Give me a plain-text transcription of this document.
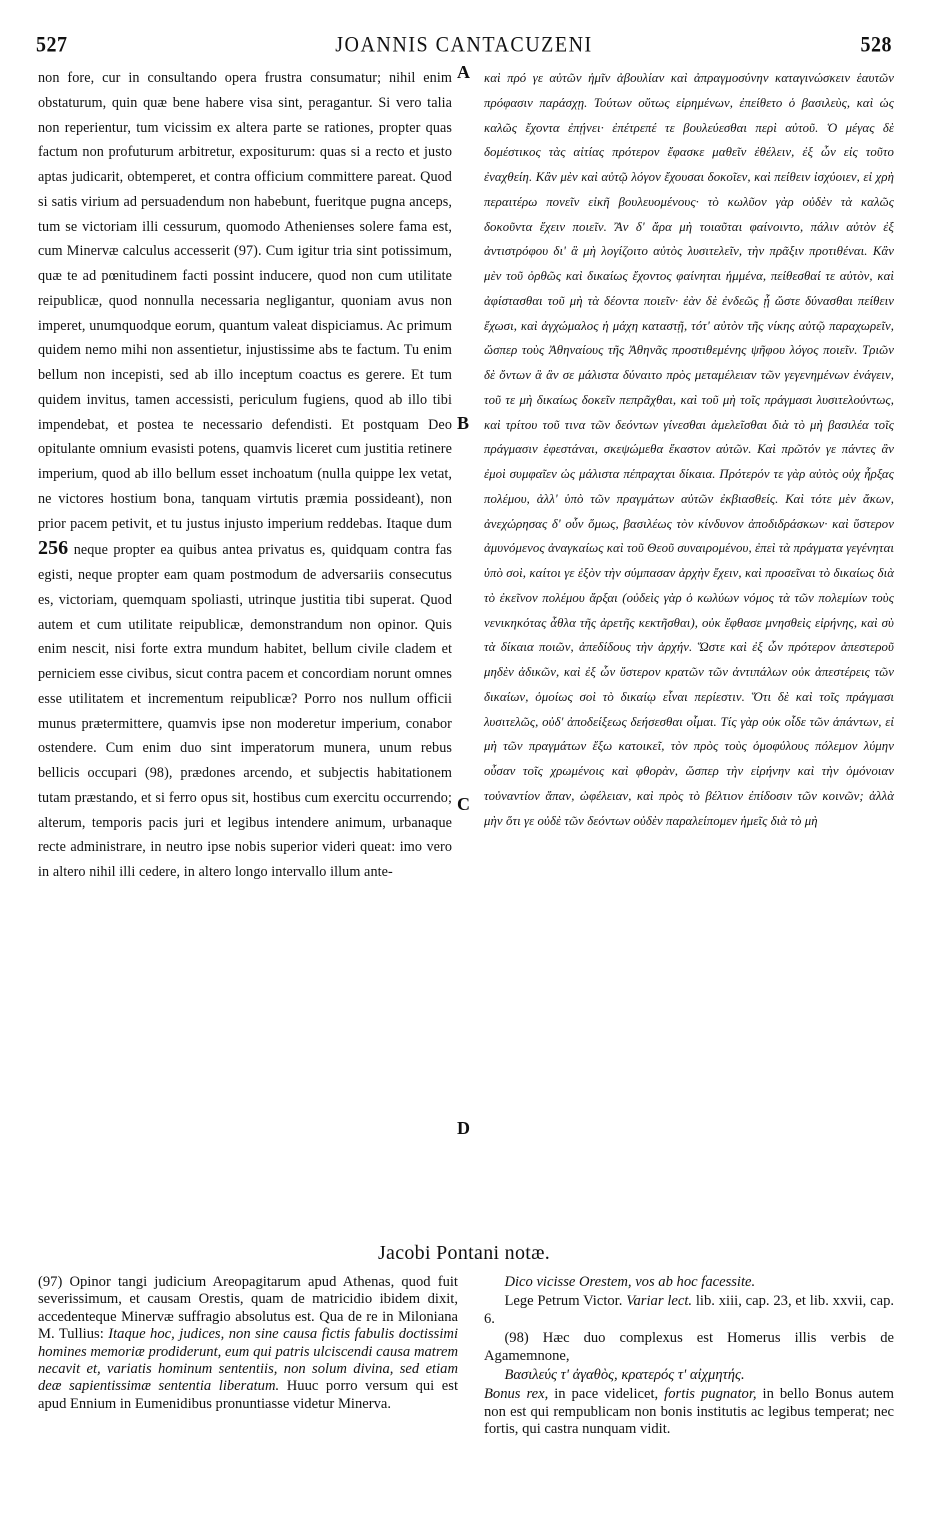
527	JOANNIS CANTACUZENI	528

non fore, cur in consultando opera frustra consumatur; nihil enim obstaturum, quin quæ bene habere visa sint, peragantur. Si vero talia non reperientur, tum vicissim ex altera parte se rationes, propter quas factum non profuturum arbitretur, expositurum: quas si a recto et justo aptas judicarit, obtemperet, et contra officium committere pareat. Quod si satis virium ad persuadendum non habebunt, fueritque pugna anceps, tum se victoriam illi cessurum, quomodo Athenienses solere fama est, cum Minervæ calculus accesserit (97). Cum igitur tria sint potissimum, quæ te ad pœnitudinem facti possint inducere, quod non cum utilitate reipublicæ, quod nonnulla necessaria negligantur, quoniam avus non imperet, unumquodque eorum, quantum valeat dispiciamus. Ac primum quidem nemo mihi non assentietur, injustissime abs te factum. Tu enim bellum non incepisti, sed ab illo inceptum coactus es gerere. Et tum quidem invitus, tamen accessisti, periculum fugiens, quod ab illo tibi impendebat, et postea te necessario defendisti. Et postquam Deo opitulante omnium evasisti potens, quamvis liceret cum justitia retinere imperium, quod ab illo bellum esset inchoatum (nulla quippe lex vetat, ne victores hostium bona, tanquam virtutis præmia possideant), non prior pacem petivit, et tu justus injusto imperium reddebas. Itaque dum 256 neque propter ea quibus antea privatus es, quidquam contra fas egisti, neque propter eam quam postmodum de adversariis consecutus es, victoriam, quemquam spoliasti, utrinque justitia tibi superat. Quod autem et cum utilitate reipublicæ, demonstrandum non opinor. Quis enim nescit, nisi forte extra mundum habitet, bellum civile cladem et perniciem esse civibus, sicut contra pacem et concordiam norunt omnes esse utilitatem et incrementum reipublicæ? Porro nos nullum officii munus prætermittere, quamvis ipse non moderetur imperium, conabor ostendere. Cum enim duo sint imperatorum munera, unum rebus bellicis occupari (98), prædones arcendo, et subjectis habitationem tutam præstando, et si ferro opus sit, hostibus cum exercitu occurrendo; alterum, temporis pacis juri et legibus intendere animum, urbanaque recte administrare, in neutro ipse nobis superior videri queat: imo vero in altero nihil illi cedere, in altero longo intervallo illum ante-

A
B
C
D

καὶ πρό γε αὐτῶν ἡμῖν ἀβουλίαν καὶ ἀπραγμοσύνην καταγινώσκειν ἑαυτῶν πρόφασιν παράσχῃ. Τούτων οὕτως εἰρημένων, ἐπείθετο ὁ βασιλεὺς, καὶ ὡς καλῶς ἔχοντα ἐπῄνει· ἐπέτρεπέ τε βουλεύεσθαι περὶ αὐτοῦ. Ὁ μέγας δὲ δομέστικος τὰς αἰτίας πρότερον ἔφασκε μαθεῖν ἐθέλειν, ἐξ ὧν εἰς τοῦτο ἐναχθείη. Κἂν μὲν καὶ αὐτῷ λόγον ἔχουσαι δοκοῖεν, καὶ πείθειν ἰσχύοιεν, εἰ χρὴ περαιτέρω πονεῖν εἰκῆ βουλευομένους· τὸ κωλῦον γὰρ οὐδὲν τὰ καλῶς δοκοῦντα ἔχειν ποιεῖν. Ἂν δ' ἄρα μὴ τοιαῦται φαίνοιντο, πάλιν αὐτὸν ἐξ ἀντιστρόφου δι' ἃ μὴ λογίζοιτο αὐτὸς λυσιτελεῖν, τὴν πρᾶξιν προτιθέναι. Κἂν μὲν τοῦ ὀρθῶς καὶ δικαίως ἔχοντος φαίνηται ἡμμένα, πείθεσθαί τε αὐτὸν, καὶ ἀφίστασθαι τοῦ μὴ τὰ δέοντα ποιεῖν· ἐὰν δὲ ἐνδεῶς ᾗ ὥστε δύνασθαι πείθειν ἔχωσι, καὶ ἀγχώμαλος ἡ μάχη καταστῇ, τότ' αὐτὸν τῆς νίκης αὐτῷ παραχωρεῖν, ὥσπερ τοὺς Ἀθηναίους τῆς Ἀθηνᾶς προστιθεμένης ψῆφου λόγος ποιεῖν. Τριῶν δὲ ὄντων ἃ ἂν σε μάλιστα δύναιτο πρὸς μεταμέλειαν τῶν γεγενημένων ἐνάγειν, τοῦ τε μὴ δικαίως δοκεῖν πεπρᾶχθαι, καὶ τοῦ μὴ τοῖς πράγμασι λυσιτελούντως, καὶ τρίτου τοῦ τινα τῶν δεόντων γίνεσθαι ἀμελεῖσθαι διὰ τὸ μὴ βασιλέα τοῖς πράγμασιν ἐφεστάναι, σκεψώμεθα ἕκαστον αὐτῶν. Καὶ πρῶτόν γε πάντες ἂν ἐμοὶ συμφαῖεν ὡς μάλιστα πέπραχται δίκαια. Πρότερόν τε γὰρ αὐτὸς οὐχ ἦρξας πολέμου, ἀλλ' ὑπὸ τῶν πραγμάτων αὐτῶν ἐκβιασθείς. Καὶ τότε μὲν ἄκων, ἀνεχώρησας δ' οὖν ὅμως, βασιλέως τὸν κίνδυνον ἀποδιδράσκων· καὶ ὕστερον ἀμυνόμενος ἀναγκαίως καὶ τοῦ Θεοῦ συναιρομένου, ἐπεὶ τὰ πράγματα γεγένηται ὑπὸ σοὶ, καίτοι γε ἐξὸν τὴν σύμπασαν ἀρχὴν ἔχειν, καὶ προσεῖναι τὸ δικαίως διὰ τὸ ἐκεῖνον πολέμου ἄρξαι (οὐδεὶς γὰρ ὁ κωλύων νόμος τὰ τῶν πολεμίων τοὺς νενικηκότας ἆθλα τῆς ἀρετῆς κεκτῆσθαι), οὐκ ἔφθασε μνησθεὶς εἰρήνης, καὶ σὺ τὰ δίκαια ποιῶν, ἀπεδίδους τὴν ἀρχήν. Ὥστε καὶ ἐξ ὧν πρότερον ἀπεστεροῦ μηδὲν ἀδικῶν, καὶ ἐξ ὧν ὕστερον κρατῶν τῶν ἀντιπάλων οὐκ ἀπεστέρεις τῶν δικαίων, ὁμοίως σοὶ τὸ δικαίῳ εἶναι περίεστιν. Ὅτι δὲ καὶ τοῖς πράγμασι λυσιτελῶς, οὐδ' ἀποδείξεως δεήσεσθαι οἶμαι. Τίς γὰρ οὐκ οἶδε τῶν ἁπάντων, εἰ μὴ τῶν πραγμάτων ἔξω κατοικεῖ, τὸν πρὸς τοὺς ὁμοφύλους πόλεμον λύμην οὖσαν τοῖς χρωμένοις καὶ φθορὰν, ὥσπερ τὴν εἰρήνην καὶ τὴν ὁμόνοιαν τοὐναντίον ἅπαν, ὠφέλειαν, καὶ πρὸς τὸ βέλτιον ἐπίδοσιν τῶν κοινῶν; ἀλλὰ μὴν ὅτι γε οὐδὲ τῶν δεόντων οὐδὲν παραλείπομεν ἡμεῖς διὰ τὸ μὴ

Jacobi Pontani notæ.

(97) Opinor tangi judicium Areopagitarum apud Athenas, quod fuit severissimum, et causam Orestis, quam de matricidio ibidem dixit, accedenteque Minervæ suffragio absolutus est. Qua de re in Miloniana M. Tullius: Itaque hoc, judices, non sine causa fictis fabulis doctissimi homines memoriæ prodiderunt, eum qui patris ulciscendi causa matrem necavit et, variatis hominum sententiis, non solum divina, sed etiam deæ sapientissimæ sententia liberatum. Huuc porro versum qui est apud Ennium in Eumenidibus pronuntiasse videtur Minerva.

Dico vicisse Orestem, vos ab hoc facessite.

Lege Petrum Victor. Variar lect. lib. xiii, cap. 23, et lib. xxvii, cap. 6.

(98) Hæc duo complexus est Homerus illis verbis de Agamemnone,

Βασιλεύς τ' ἀγαθὸς, κρατερός τ' αἰχμητής.

Bonus rex, in pace videlicet, fortis pugnator, in bello Bonus autem non est qui rempublicam non bonis institutis ac legibus temperat; nec fortis, qui castra nunquam vidit.
